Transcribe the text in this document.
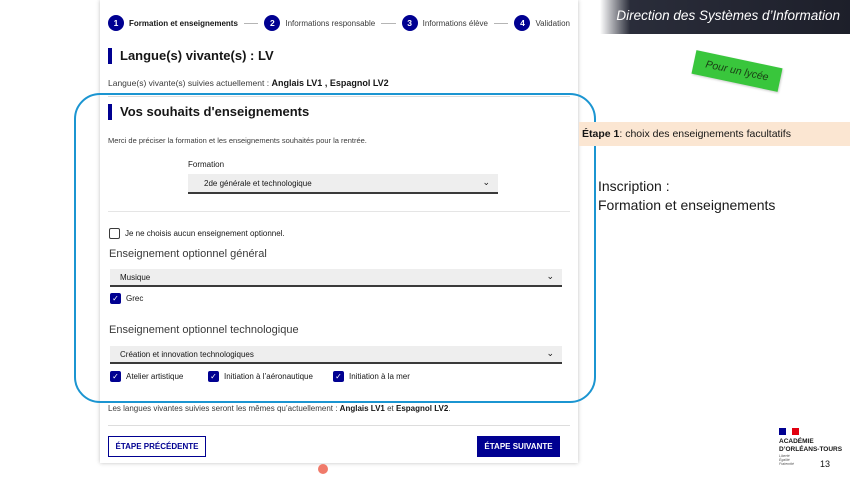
Direction des Systèmes d’Information
1	Formation et enseignements	2	Informations responsable	3	Informations élève	4	Validation
Langue(s) vivante(s) : LV
Langue(s) vivante(s) suivies actuellement : Anglais LV1 , Espagnol LV2
Vos souhaits d'enseignements
Merci de préciser la formation et les enseignements souhaités pour la rentrée.
Formation
2de générale et technologique	⌄
Je ne choisis aucun enseignement optionnel.
Enseignement optionnel général
Musique	⌄
✓
Grec
Enseignement optionnel technologique
Création et innovation technologiques	⌄
✓
Atelier artistique ✓	Initiation à l’aéronautique ✓	Initiation à la mer
Les langues vivantes suivies seront les mêmes qu’actuellement : Anglais LV1 et Espagnol LV2.
ÉTAPE PRÉCÉDENTE	ÉTAPE SUIVANTE
Pour un lycée
Étape 1 : choix des enseignements facultatifs
Inscription :
Formation et enseignements
ACADÉMIE
D’ORLÉANS-TOURS
Liberté
Égalité
Fraternité	13
